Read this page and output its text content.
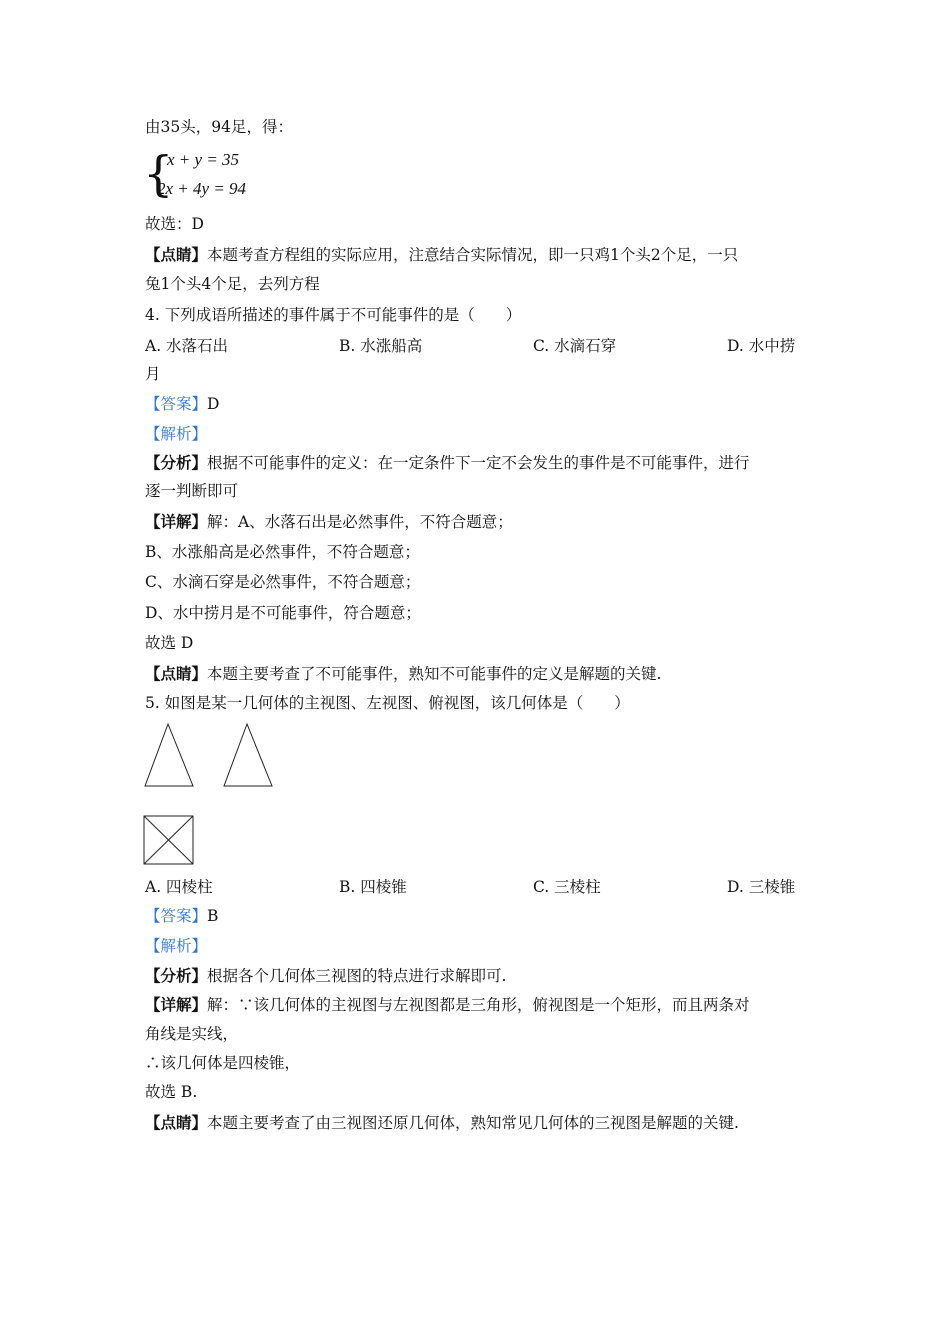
由35头，94足，得：
{
x + y = 35
2x + 4y = 94
故选：D
【点睛】本题考查方程组的实际应用，注意结合实际情况，即一只鸡1个头2个足，一只
兔1个头4个足，去列方程
4. 下列成语所描述的事件属于不可能事件的是（　　）
A. 水落石出	B. 水涨船高	C. 水滴石穿	D. 水中捞
月
【答案】D
【解析】
【分析】根据不可能事件的定义：在一定条件下一定不会发生的事件是不可能事件，进行
逐一判断即可
【详解】解：A、水落石出是必然事件，不符合题意；
B、水涨船高是必然事件，不符合题意；
C、水滴石穿是必然事件，不符合题意；
D、水中捞月是不可能事件，符合题意；
故选 D
【点睛】本题主要考查了不可能事件，熟知不可能事件的定义是解题的关键.
5. 如图是某一几何体的主视图、左视图、俯视图，该几何体是（　　）
A. 四棱柱	B. 四棱锥	C. 三棱柱	D. 三棱锥
【答案】B
【解析】
【分析】根据各个几何体三视图的特点进行求解即可.
【详解】解：∵该几何体的主视图与左视图都是三角形，俯视图是一个矩形，而且两条对
角线是实线，
∴该几何体是四棱锥，
故选 B.
【点睛】本题主要考查了由三视图还原几何体，熟知常见几何体的三视图是解题的关键.
